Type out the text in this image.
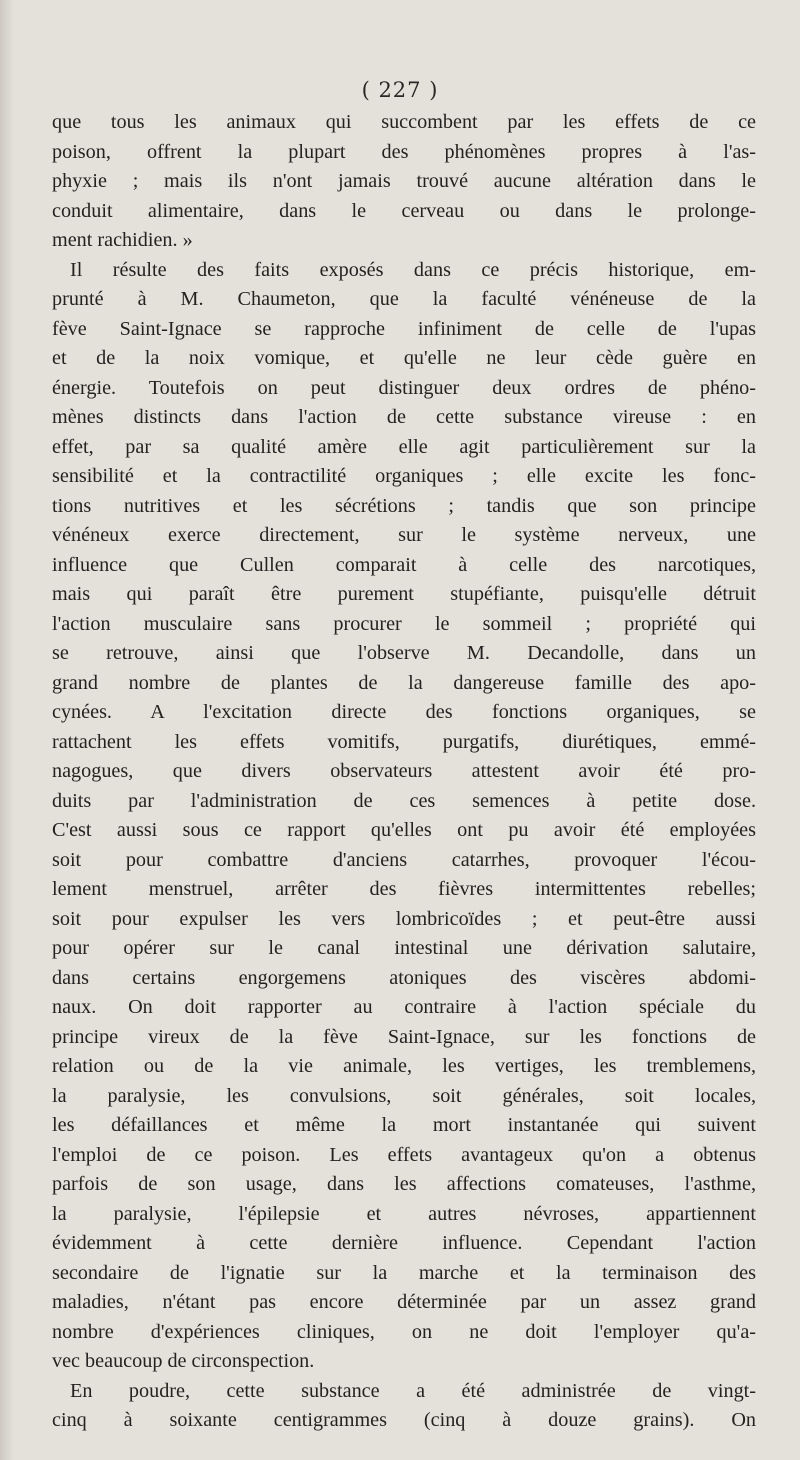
( 227 )
que tous les animaux qui succombent par les effets de ce
poison, offrent la plupart des phénomènes propres à l'as-
phyxie ; mais ils n'ont jamais trouvé aucune altération dans le
conduit alimentaire, dans le cerveau ou dans le prolonge-
ment rachidien. »
Il résulte des faits exposés dans ce précis historique, em-
prunté à M. Chaumeton, que la faculté vénéneuse de la
fève Saint-Ignace se rapproche infiniment de celle de l'upas
et de la noix vomique, et qu'elle ne leur cède guère en
énergie. Toutefois on peut distinguer deux ordres de phéno-
mènes distincts dans l'action de cette substance vireuse : en
effet, par sa qualité amère elle agit particulièrement sur la
sensibilité et la contractilité organiques ; elle excite les fonc-
tions nutritives et les sécrétions ; tandis que son principe
vénéneux exerce directement, sur le système nerveux, une
influence que Cullen comparait à celle des narcotiques,
mais qui paraît être purement stupéfiante, puisqu'elle détruit
l'action musculaire sans procurer le sommeil ; propriété qui
se retrouve, ainsi que l'observe M. Decandolle, dans un
grand nombre de plantes de la dangereuse famille des apo-
cynées. A l'excitation directe des fonctions organiques, se
rattachent les effets vomitifs, purgatifs, diurétiques, emmé-
nagogues, que divers observateurs attestent avoir été pro-
duits par l'administration de ces semences à petite dose.
C'est aussi sous ce rapport qu'elles ont pu avoir été employées
soit pour combattre d'anciens catarrhes, provoquer l'écou-
lement menstruel, arrêter des fièvres intermittentes rebelles;
soit pour expulser les vers lombricoïdes ; et peut-être aussi
pour opérer sur le canal intestinal une dérivation salutaire,
dans certains engorgemens atoniques des viscères abdomi-
naux. On doit rapporter au contraire à l'action spéciale du
principe vireux de la fève Saint-Ignace, sur les fonctions de
relation ou de la vie animale, les vertiges, les tremblemens,
la paralysie, les convulsions, soit générales, soit locales,
les défaillances et même la mort instantanée qui suivent
l'emploi de ce poison. Les effets avantageux qu'on a obtenus
parfois de son usage, dans les affections comateuses, l'asthme,
la paralysie, l'épilepsie et autres névroses, appartiennent
évidemment à cette dernière influence. Cependant l'action
secondaire de l'ignatie sur la marche et la terminaison des
maladies, n'étant pas encore déterminée par un assez grand
nombre d'expériences cliniques, on ne doit l'employer qu'a-
vec beaucoup de circonspection.
En poudre, cette substance a été administrée de vingt-
cinq à soixante centigrammes (cinq à douze grains). On
